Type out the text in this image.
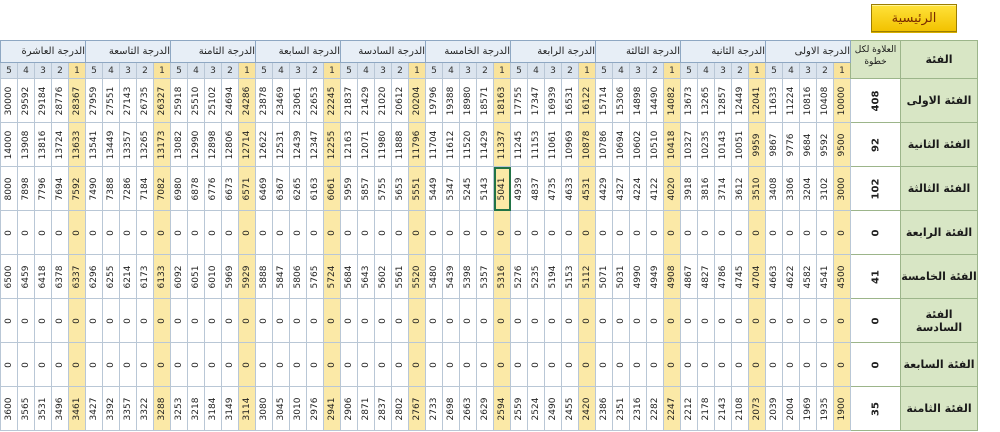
الرئيسية
الدرجة العاشرة					الدرجة التاسعة					الدرجة الثامنة					الدرجة السابعة					الدرجة السادسة					الدرجة الخامسة					الدرجة الرابعة					الدرجة الثالثة					الدرجة الثانية					الدرجة الاولى					العلاوة لكل خطوة	الفئة
5	4	3	2	1	5	4	3	2	1	5	4	3	2	1	5	4	3	2	1	5	4	3	2	1	5	4	3	2	1	5	4	3	2	1	5	4	3	2	1	5	4	3	2	1	5	4	3	2	1		

30000	29592	29184	28776	28367	27959	27551	27143	26735	26327	25918	25510	25102	24694	24286	23878	23469	23061	22653	22245	21837	21429	21020	20612	20204	19796	19388	18980	18571	18163	17755	17347	16939	16531	16122	15714	15306	14898	14490	14082	13673	13265	12857	12449	12041	11633	11224	10816	10408	10000	408	الفئة الاولى

14000	13908	13816	13724	13633	13541	13449	13357	13265	13173	13082	12990	12898	12806	12714	12622	12531	12439	12347	12255	12163	12071	11980	11888	11796	11704	11612	11520	11429	11337	11245	11153	11061	10969	10878	10786	10694	10602	10510	10418	10327	10235	10143	10051	9959	9867	9776	9684	9592	9500	92	الفئة الثانية

8000	7898	7796	7694	7592	7490	7388	7286	7184	7082	6980	6878	6776	6673	6571	6469	6367	6265	6163	6061	5959	5857	5755	5653	5551	5449	5347	5245	5143	5041	4939	4837	4735	4633	4531	4429	4327	4224	4122	4020	3918	3816	3714	3612	3510	3408	3306	3204	3102	3000	102	الفئة الثالثة

0	0	0	0	0	0	0	0	0	0	0	0	0	0	0	0	0	0	0	0	0	0	0	0	0	0	0	0	0	0	0	0	0	0	0	0	0	0	0	0	0	0	0	0	0	0	0	0	0	0	0	الفئة الرابعة

6500	6459	6418	6378	6337	6296	6255	6214	6173	6133	6092	6051	6010	5969	5929	5888	5847	5806	5765	5724	5684	5643	5602	5561	5520	5480	5439	5398	5357	5316	5276	5235	5194	5153	5112	5071	5031	4990	4949	4908	4867	4827	4786	4745	4704	4663	4622	4582	4541	4500	41	الفئة الخامسة

0	0	0	0	0	0	0	0	0	0	0	0	0	0	0	0	0	0	0	0	0	0	0	0	0	0	0	0	0	0	0	0	0	0	0	0	0	0	0	0	0	0	0	0	0	0	0	0	0	0	0	الفئة السادسة

0	0	0	0	0	0	0	0	0	0	0	0	0	0	0	0	0	0	0	0	0	0	0	0	0	0	0	0	0	0	0	0	0	0	0	0	0	0	0	0	0	0	0	0	0	0	0	0	0	0	0	الفئة السابعة

3600	3565	3531	3496	3461	3427	3392	3357	3322	3288	3253	3218	3184	3149	3114	3080	3045	3010	2976	2941	2906	2871	2837	2802	2767	2733	2698	2663	2629	2594	2559	2524	2490	2455	2420	2386	2351	2316	2282	2247	2212	2178	2143	2108	2073	2039	2004	1969	1935	1900	35	الفئة الثامنة
